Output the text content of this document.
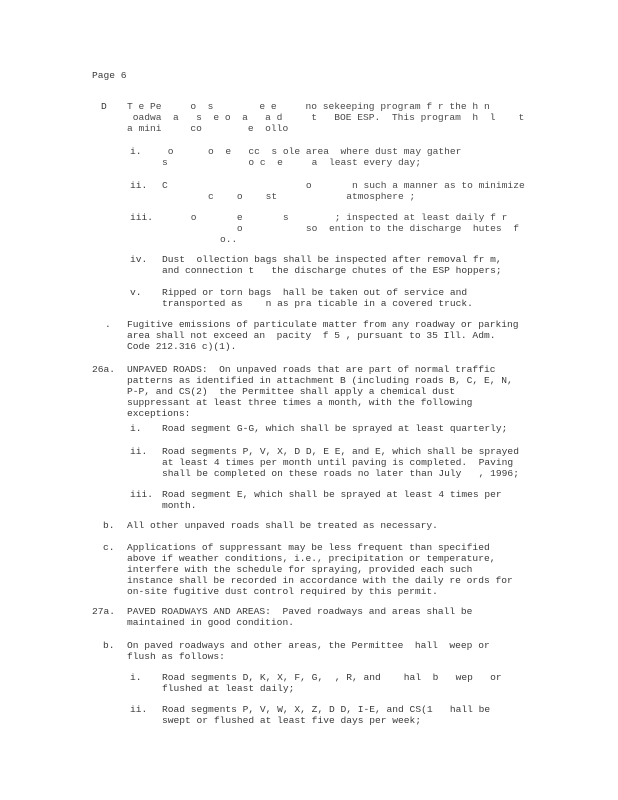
Page 6
D T e Pe     o  s        e e     no sekeeping program f r the h n
oadwa  a   s  e o  a   a d     t   BOE ESP.  This program  h  l    t
a mini     co        e  ollo
i. o      o  e   cc  s ole area  where dust may gather
s              o c  e     a  least every day;
ii. C                        o       n such a manner as to minimize
c    o    st            atmosphere ;
iii. o       e       s        ; inspected at least daily f r
o           so  ention to the discharge  hutes  f
o..
iv. Dust  ollection bags shall be inspected after removal fr m,
and connection t   the discharge chutes of the ESP hoppers;
v. Ripped or torn bags  hall be taken out of service and
transported as    n as pra ticable in a covered truck.
. Fugitive emissions of particulate matter from any roadway or parking
area shall not exceed an  pacity  f 5 , pursuant to 35 Ill. Adm.
Code 212.316 c)(1).
26a. UNPAVED ROADS:  On unpaved roads that are part of normal traffic
patterns as identified in attachment B (including roads B, C, E, N,
P-P, and CS(2)  the Permittee shall apply a chemical dust
suppressant at least three times a month, with the following
exceptions:
i. Road segment G-G, which shall be sprayed at least quarterly;
ii. Road segments P, V, X, D D, E E, and E, which shall be sprayed
at least 4 times per month until paving is completed.  Paving
shall be completed on these roads no later than July   , 1996;
iii. Road segment E, which shall be sprayed at least 4 times per
month.
b. All other unpaved roads shall be treated as necessary.
c. Applications of suppressant may be less frequent than specified
above if weather conditions, i.e., precipitation or temperature,
interfere with the schedule for spraying, provided each such
instance shall be recorded in accordance with the daily re ords for
on-site fugitive dust control required by this permit.
27a. PAVED ROADWAYS AND AREAS:  Paved roadways and areas shall be
maintained in good condition.
b. On paved roadways and other areas, the Permittee  hall  weep or
flush as follows:
i. Road segments D, K, X, F, G,  , R, and    hal  b   wep   or
flushed at least daily;
ii. Road segments P, V, W, X, Z, D D, I-E, and CS(1   hall be
swept or flushed at least five days per week;
